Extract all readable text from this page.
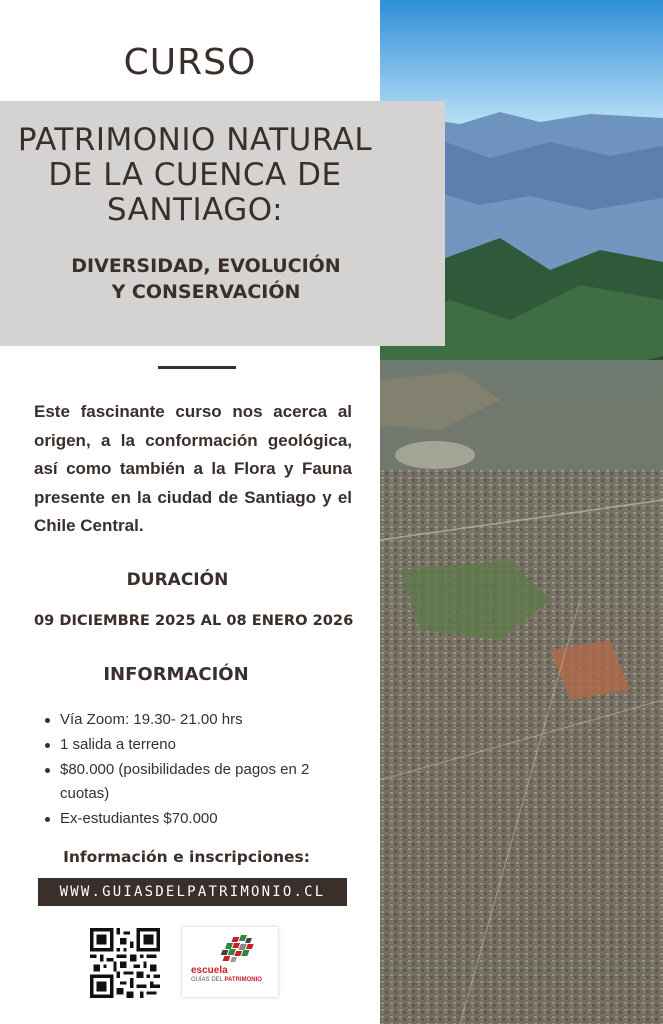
CURSO
PATRIMONIO NATURAL
DE LA CUENCA DE
SANTIAGO:
DIVERSIDAD, EVOLUCIÓN
Y CONSERVACIÓN

Este fascinante curso nos acerca al origen, a la conformación geológica, así como también a la Flora y Fauna presente en la ciudad de Santiago y el Chile Central.

DURACIÓN
09 DICIEMBRE 2025 AL 08 ENERO 2026
INFORMACIÓN
Vía Zoom: 19.30- 21.00 hrs
1 salida a terreno
$80.000 (posibilidades de pagos en 2 cuotas)
Ex-estudiantes $70.000
Información e inscripciones:
WWW.GUIASDELPATRIMONIO.CL
escuela
GUÍAS DEL PATRIMONIO
